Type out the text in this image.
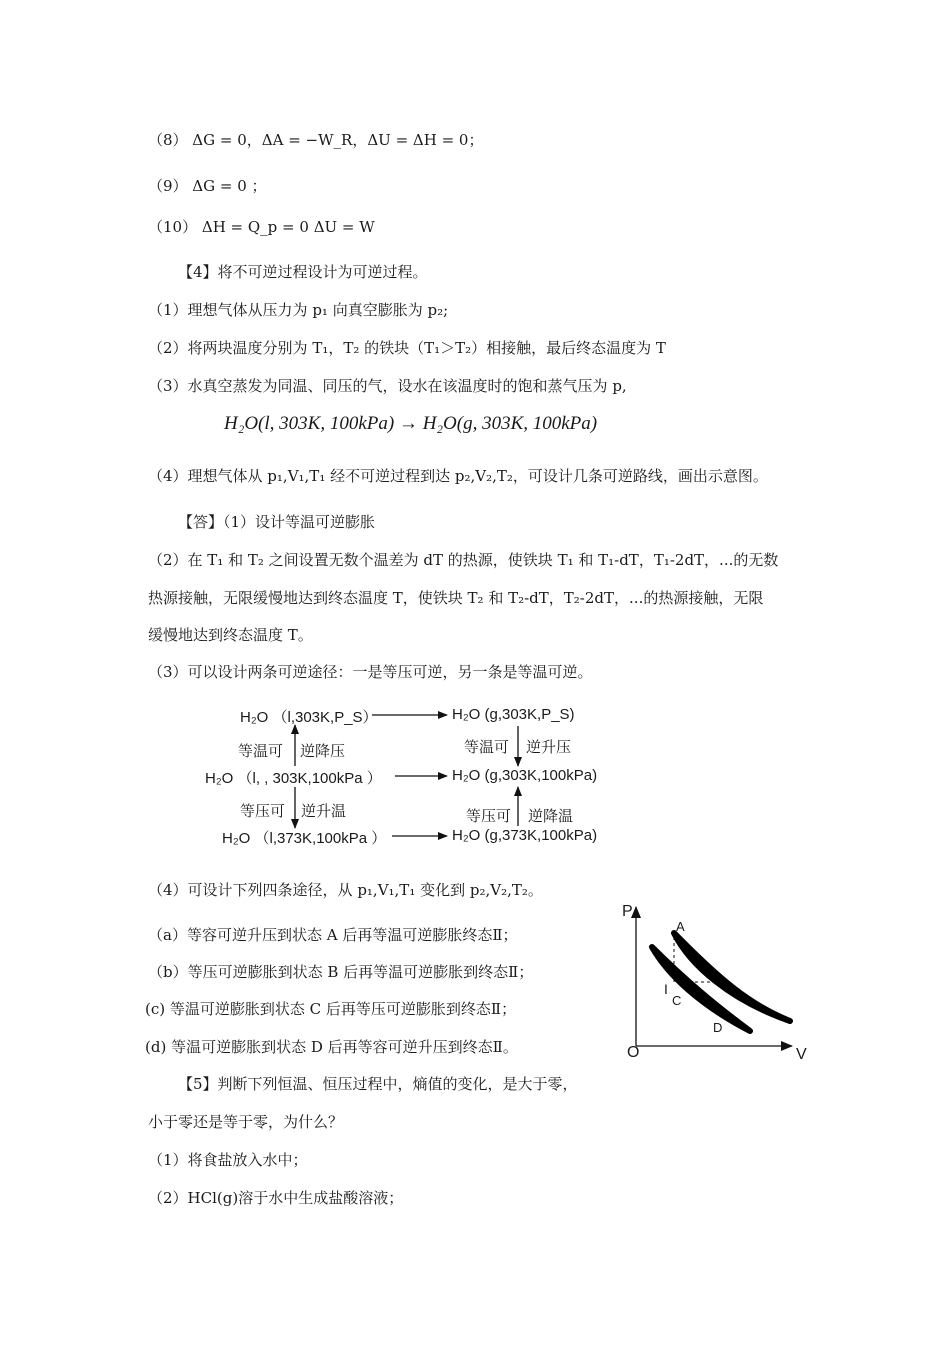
（8） ΔG = 0，ΔA = −W_R，ΔU = ΔH = 0；
（9） ΔG = 0 ；
（10） ΔH = Q_p = 0 ΔU = W
【4】将不可逆过程设计为可逆过程。
（1）理想气体从压力为 p₁ 向真空膨胀为 p₂;
（2）将两块温度分别为 T₁，T₂ 的铁块（T₁＞T₂）相接触，最后终态温度为 T
（3）水真空蒸发为同温、同压的气，设水在该温度时的饱和蒸气压为 p,
H₂O(l, 303K, 100kPa) → H₂O(g, 303K, 100kPa)
（4）理想气体从 p₁,V₁,T₁ 经不可逆过程到达 p₂,V₂,T₂，可设计几条可逆路线，画出示意图。
【答】（1）设计等温可逆膨胀
（2）在 T₁ 和 T₂ 之间设置无数个温差为 dT 的热源，使铁块 T₁ 和 T₁-dT，T₁-2dT，...的无数
热源接触，无限缓慢地达到终态温度 T，使铁块 T₂ 和 T₂-dT，T₂-2dT，...的热源接触，无限
缓慢地达到终态温度 T。
（3）可以设计两条可逆途径：一是等压可逆，另一条是等温可逆。
H₂O （l,303K,P_S）	H₂O (g,303K,P_S)
H₂O （l, , 303K,100kPa ）	H₂O (g,303K,100kPa)
H₂O （l,373K,100kPa ）	H₂O (g,373K,100kPa)
等温可 逆降压	等温可 逆升压
等压可 逆升温	等压可 逆降温
（4）可设计下列四条途径，从 p₁,V₁,T₁ 变化到 p₂,V₂,T₂。
（a）等容可逆升压到状态 A 后再等温可逆膨胀终态Ⅱ；
（b）等压可逆膨胀到状态 B 后再等温可逆膨胀到终态Ⅱ；
(c) 等温可逆膨胀到状态 C 后再等压可逆膨胀到终态Ⅱ；
(d) 等温可逆膨胀到状态 D 后再等容可逆升压到终态Ⅱ。
P
V
O
A
C
D
I
【5】判断下列恒温、恒压过程中，熵值的变化，是大于零，
小于零还是等于零，为什么？
（1）将食盐放入水中；
（2）HCl(g)溶于水中生成盐酸溶液；
